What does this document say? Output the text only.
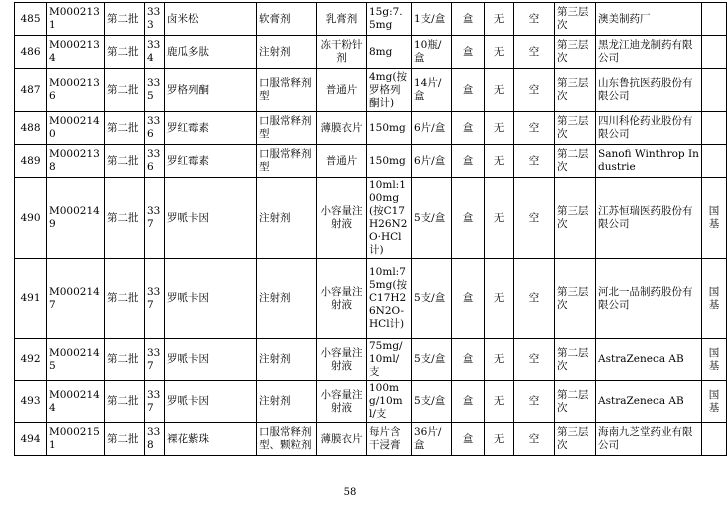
485	M0002131	第二批	333	卤米松	软膏剂	乳膏剂	15g:7.5mg	1支/盒	盒	无	空	第三层次	澳美制药厂	
486	M0002134	第二批	334	鹿瓜多肽	注射剂	冻干粉针剂	8mg	10瓶/盒	盒	无	空	第三层次	黑龙江迪龙制药有限公司	
487	M0002136	第二批	335	罗格列酮	口服常释剂型	普通片	4mg(按罗格列酮计)	14片/盒	盒	无	空	第三层次	山东鲁抗医药股份有限公司	
488	M0002140	第二批	336	罗红霉素	口服常释剂型	薄膜衣片	150mg	6片/盒	盒	无	空	第三层次	四川科伦药业股份有限公司	
489	M0002138	第二批	336	罗红霉素	口服常释剂型	普通片	150mg	6片/盒	盒	无	空	第二层次	Sanofi Winthrop Industrie	
490	M0002149	第二批	337	罗哌卡因	注射剂	小容量注射液	10ml:100mg(按C17H26N2O·HCl计)	5支/盒	盒	无	空	第三层次	江苏恒瑞医药股份有限公司	国基
491	M0002147	第二批	337	罗哌卡因	注射剂	小容量注射液	10ml:75mg(按C17H26N2O-HCl计)	5支/盒	盒	无	空	第三层次	河北一品制药股份有限公司	国基
492	M0002145	第二批	337	罗哌卡因	注射剂	小容量注射液	75mg/10ml/支	5支/盒	盒	无	空	第二层次	AstraZeneca AB	国基
493	M0002144	第二批	337	罗哌卡因	注射剂	小容量注射液	100mg/10ml/支	5支/盒	盒	无	空	第二层次	AstraZeneca AB	国基
494	M0002151	第二批	338	裸花紫珠	口服常释剂型、颗粒剂	薄膜衣片	每片含干浸膏	36片/盒	盒	无	空	第三层次	海南九芝堂药业有限公司	
58
